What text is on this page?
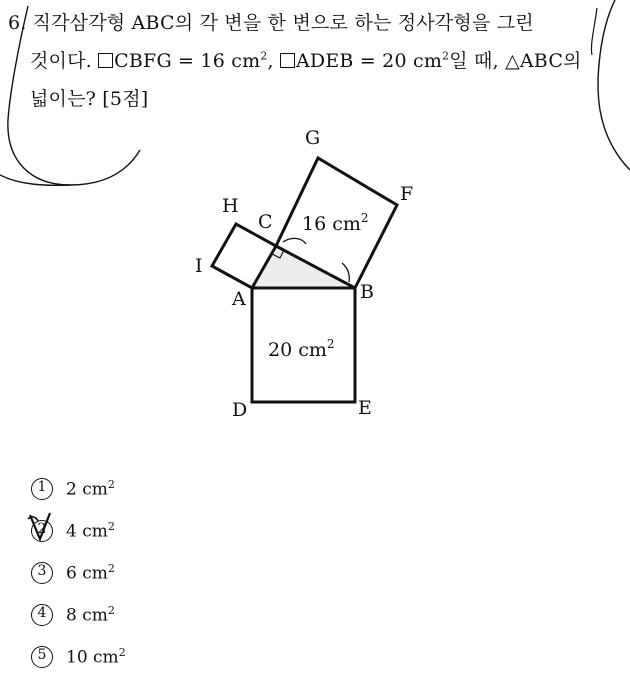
6. 직각삼각형 ABC의 각 변을 한 변으로 하는 정사각형을 그린
것이다. CBFG = 16 $cm^2$, ADEB = 20 $cm^2$일 때, △ABC의
넓이는? [5점]
G
F
H
C
I
A	B
D	E
16 $cm^2$
20 $cm^2$
1	2 $cm^2$
2	4 $cm^2$
3	6 $cm^2$
4	8 $cm^2$
5	10 $cm^2$
